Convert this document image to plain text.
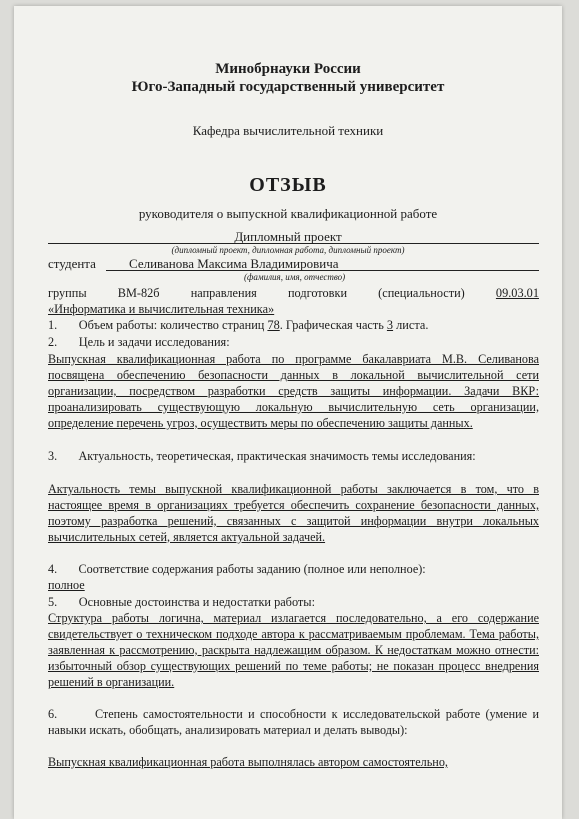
Минобрнауки России
Юго-Западный государственный университет
Кафедра вычислительной техники
ОТЗЫВ
руководителя о выпускной квалификационной работе
Дипломный проект
(дипломный проект, дипломная работа, дипломный проект)
студента	Селиванова Максима Владимировича
(фамилия, имя, отчество)
группы	ВМ-82б	направления	подготовки	(специальности)	09.03.01
«Информатика и вычислительная техника»
1. Объем работы: количество страниц 78. Графическая часть 3 листа.
2. Цель и задачи исследования:
Выпускная квалификационная работа по программе бакалавриата М.В. Селиванова посвящена обеспечению безопасности данных в локальной вычислительной сети организации, посредством разработки средств защиты информации. Задачи ВКР: проанализировать существующую локальную вычислительную сеть организации, определение перечень угроз, осуществить меры по обеспечению защиты данных.
3. Актуальность, теоретическая, практическая значимость темы исследования:
Актуальность темы выпускной квалификационной работы заключается в том, что в настоящее время в организациях требуется обеспечить сохранение безопасности данных, поэтому разработка решений, связанных с защитой информации внутри локальных вычислительных сетей, является актуальной задачей.
4. Соответствие содержания работы заданию (полное или неполное):
полное
5. Основные достоинства и недостатки работы:
Структура работы логична, материал излагается последовательно, а его содержание свидетельствует о техническом подходе автора к рассматриваемым проблемам. Тема работы, заявленная к рассмотрению, раскрыта надлежащим образом. К недостаткам можно отнести: избыточный обзор существующих решений по теме работы; не показан процесс внедрения решений в организации.
6.	Степень самостоятельности и способности к исследовательской работе (умение и навыки искать, обобщать, анализировать материал и делать выводы):
Выпускная квалификационная работа выполнялась автором самостоятельно,
